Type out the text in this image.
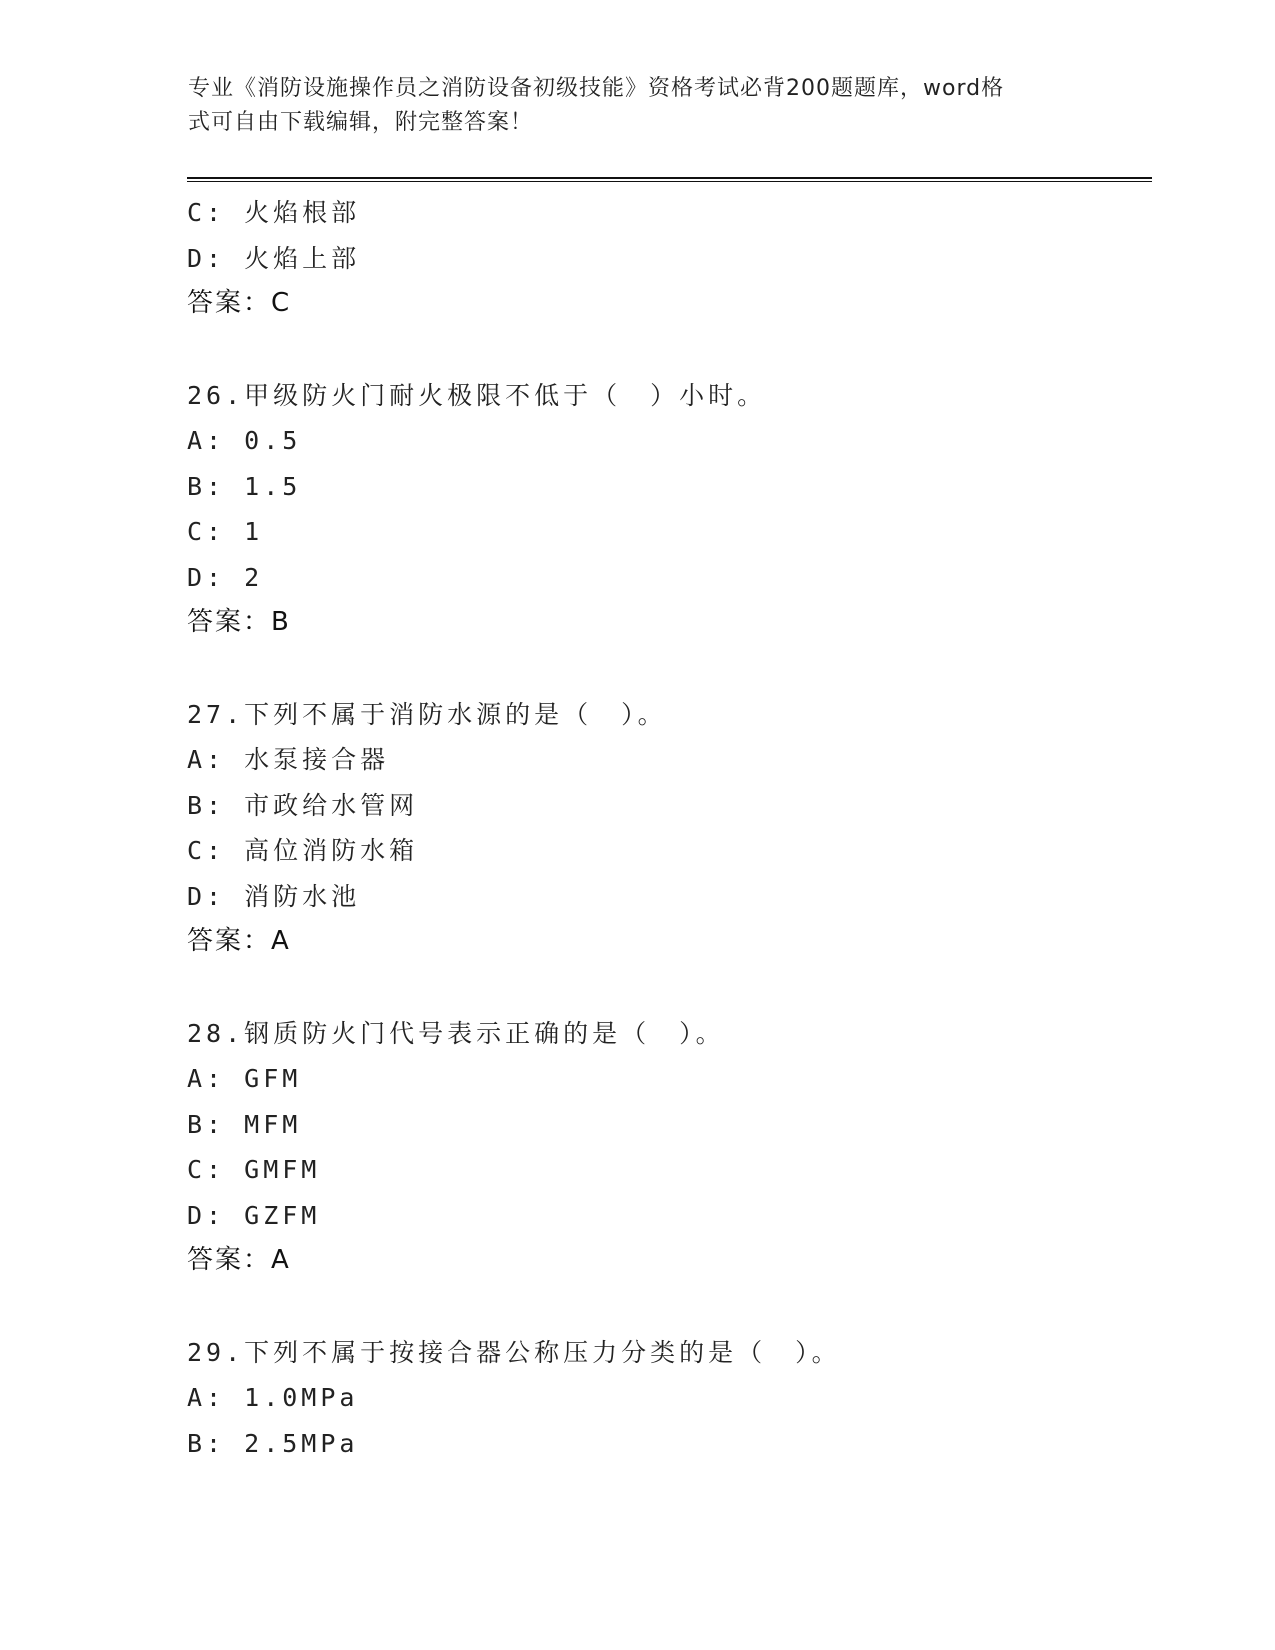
专业《消防设施操作员之消防设备初级技能》资格考试必背200题题库，word格
式可自由下载编辑，附完整答案！
C: 火焰根部
D: 火焰上部
答案：C
26.甲级防火门耐火极限不低于（　）小时。
A: 0.5
B: 1.5
C: 1
D: 2
答案：B
27.下列不属于消防水源的是（　）。
A: 水泵接合器
B: 市政给水管网
C: 高位消防水箱
D: 消防水池
答案：A
28.钢质防火门代号表示正确的是（　）。
A: GFM
B: MFM
C: GMFM
D: GZFM
答案：A
29.下列不属于按接合器公称压力分类的是（　）。
A: 1.0MPa
B: 2.5MPa
